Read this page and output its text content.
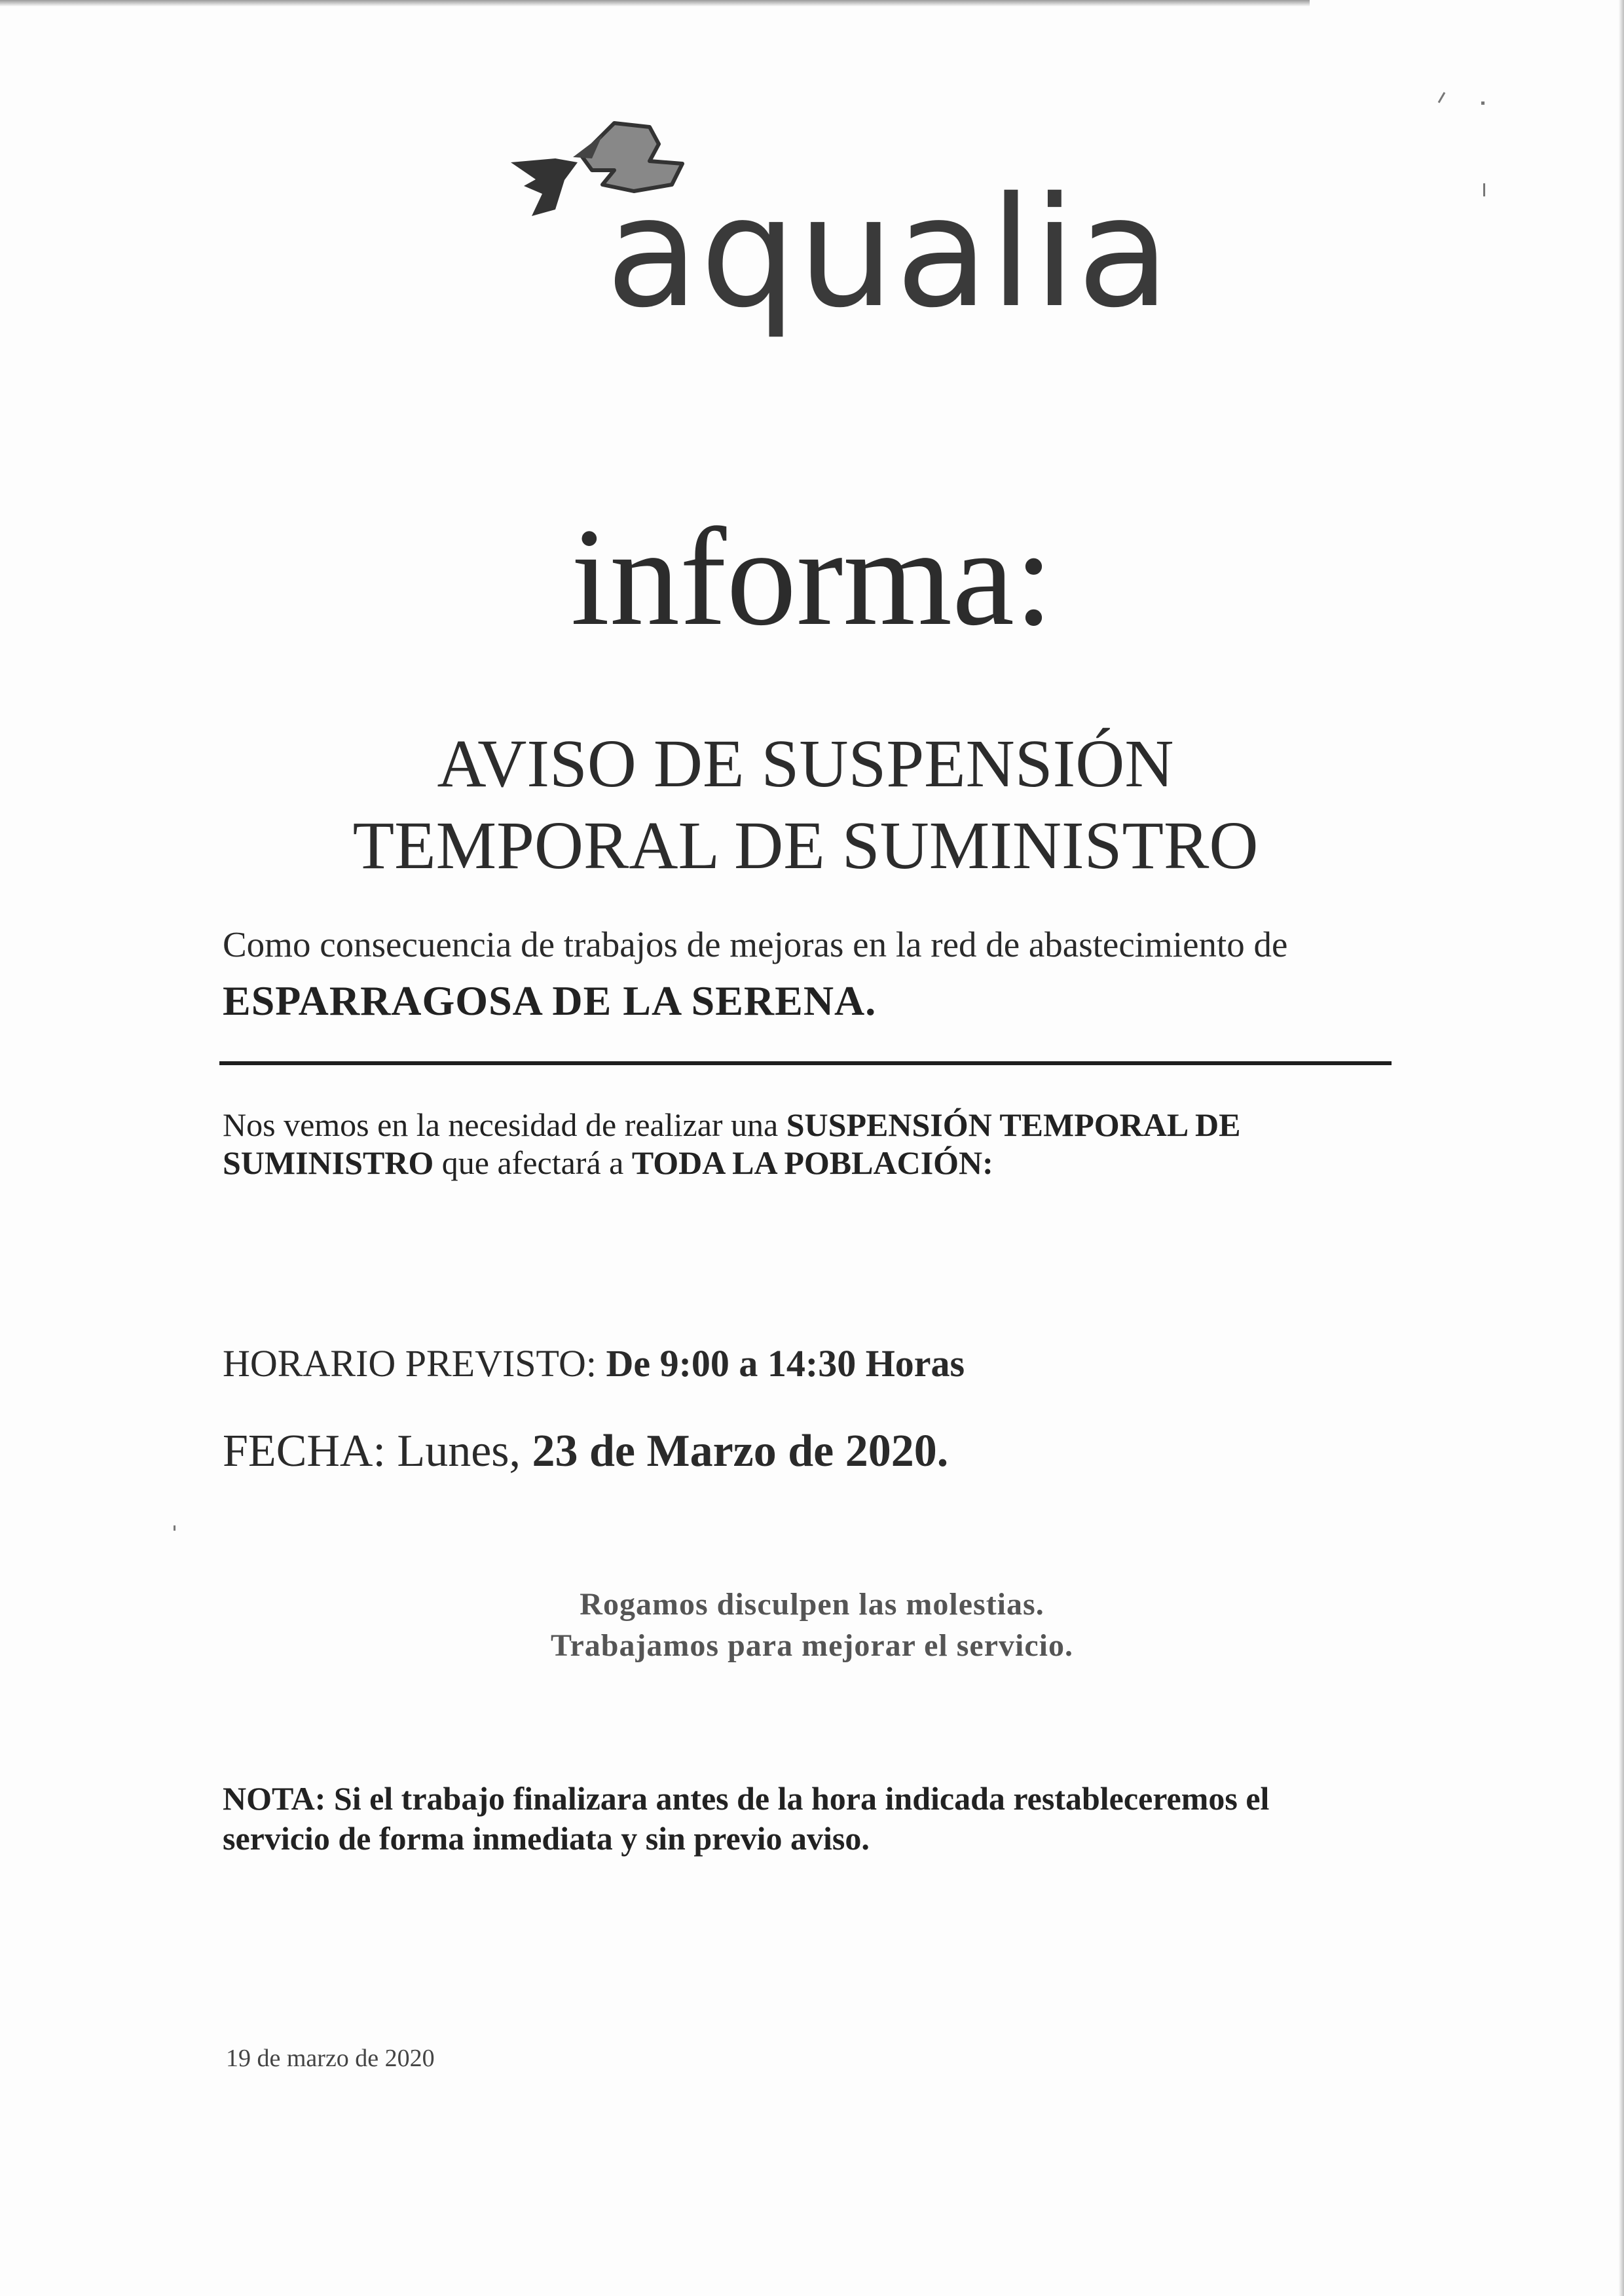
aqualia
informa:
AVISO DE SUSPENSIÓN
TEMPORAL DE SUMINISTRO
Como consecuencia de trabajos de mejoras en la red de abastecimiento de
ESPARRAGOSA DE LA SERENA.
Nos vemos en la necesidad de realizar una SUSPENSIÓN TEMPORAL DE
SUMINISTRO que afectará a TODA LA POBLACIÓN:
HORARIO PREVISTO: De 9:00 a 14:30 Horas
FECHA: Lunes, 23 de Marzo de 2020.
Rogamos disculpen las molestias.
Trabajamos para mejorar el servicio.
NOTA: Si el trabajo finalizara antes de la hora indicada restableceremos el
servicio de forma inmediata y sin previo aviso.
19 de marzo de 2020
